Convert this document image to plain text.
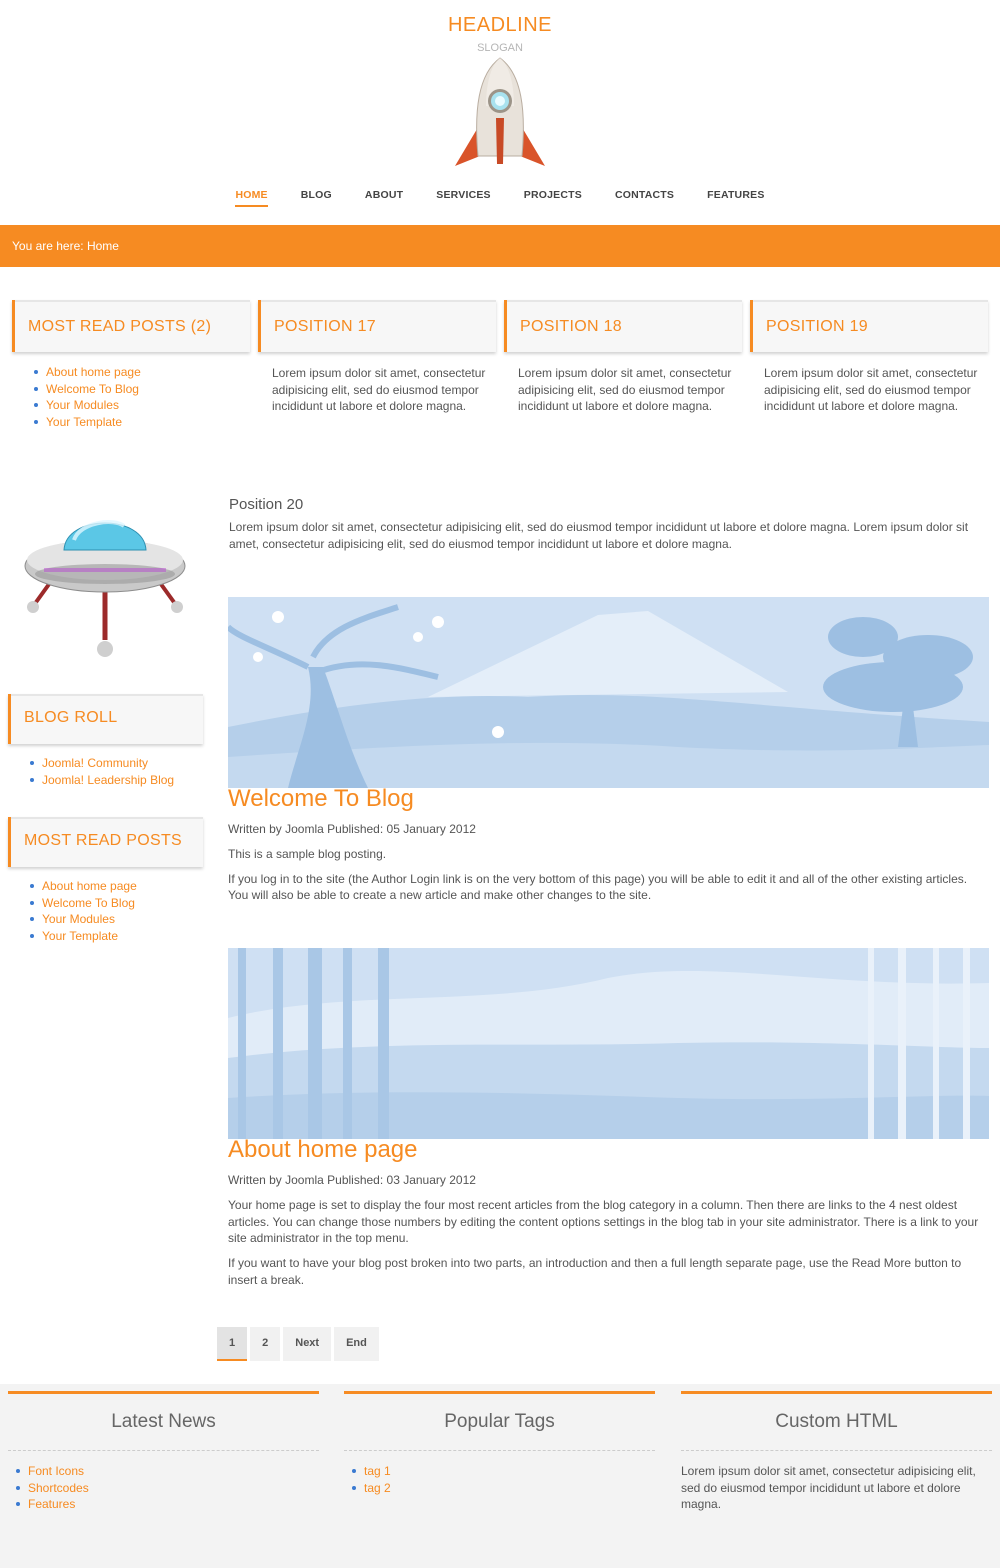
HEADLINE
SLOGAN
HOME	BLOG	ABOUT	SERVICES	PROJECTS	CONTACTS	FEATURES
You are here: Home
MOST READ POSTS (2)
About home page
Welcome To Blog
Your Modules
Your Template
POSITION 17
Lorem ipsum dolor sit amet, consectetur adipisicing elit, sed do eiusmod tempor incididunt ut labore et dolore magna.
POSITION 18
Lorem ipsum dolor sit amet, consectetur adipisicing elit, sed do eiusmod tempor incididunt ut labore et dolore magna.
POSITION 19
Lorem ipsum dolor sit amet, consectetur adipisicing elit, sed do eiusmod tempor incididunt ut labore et dolore magna.
BLOG ROLL
Joomla! Community
Joomla! Leadership Blog
MOST READ POSTS
About home page
Welcome To Blog
Your Modules
Your Template
Position 20
Lorem ipsum dolor sit amet, consectetur adipisicing elit, sed do eiusmod tempor incididunt ut labore et dolore magna. Lorem ipsum dolor sit amet, consectetur adipisicing elit, sed do eiusmod tempor incididunt ut labore et dolore magna.
Welcome To Blog
Written by Joomla Published: 05 January 2012

This is a sample blog posting.

If you log in to the site (the Author Login link is on the very bottom of this page) you will be able to edit it and all of the other existing articles. You will also be able to create a new article and make other changes to the site.

About home page
Written by Joomla Published: 03 January 2012

Your home page is set to display the four most recent articles from the blog category in a column. Then there are links to the 4 nest oldest articles. You can change those numbers by editing the content options settings in the blog tab in your site administrator. There is a link to your site administrator in the top menu.

If you want to have your blog post broken into two parts, an introduction and then a full length separate page, use the Read More button to insert a break.

1	2	Next	End
Latest News
Font Icons
Shortcodes
Features
Popular Tags
tag 1
tag 2
Custom HTML
Lorem ipsum dolor sit amet, consectetur adipisicing elit, sed do eiusmod tempor incididunt ut labore et dolore magna.
